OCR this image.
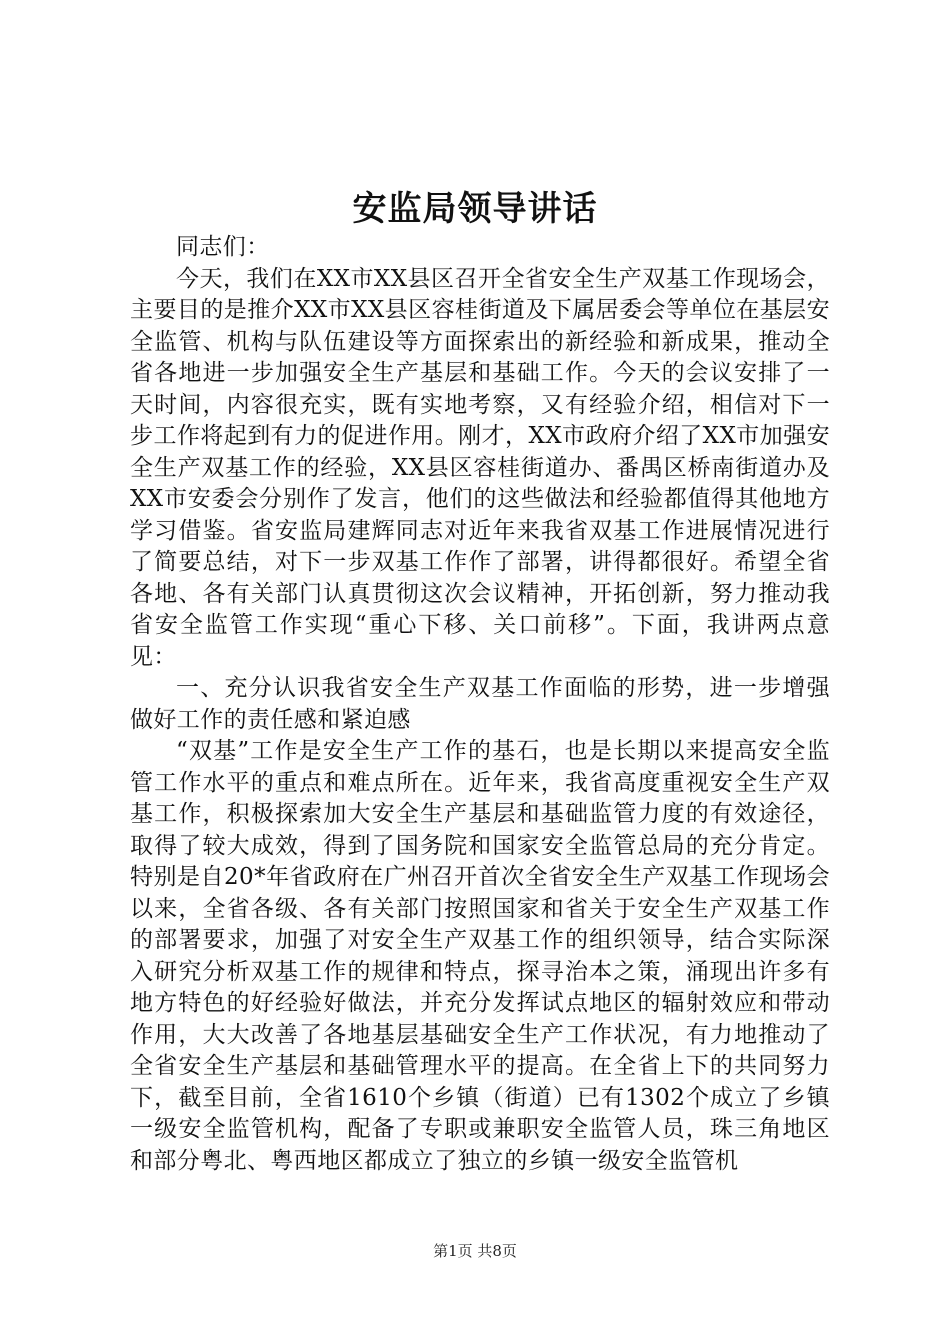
安监局领导讲话

同志们：

今天，我们在XX市XX县区召开全省安全生产双基工作现场会，主要目的是推介XX市XX县区容桂街道及下属居委会等单位在基层安全监管、机构与队伍建设等方面探索出的新经验和新成果，推动全省各地进一步加强安全生产基层和基础工作。今天的会议安排了一天时间，内容很充实，既有实地考察，又有经验介绍，相信对下一步工作将起到有力的促进作用。刚才，XX市政府介绍了XX市加强安全生产双基工作的经验，XX县区容桂街道办、番禺区桥南街道办及XX市安委会分别作了发言，他们的这些做法和经验都值得其他地方学习借鉴。省安监局建辉同志对近年来我省双基工作进展情况进行了简要总结，对下一步双基工作作了部署，讲得都很好。希望全省各地、各有关部门认真贯彻这次会议精神，开拓创新，努力推动我省安全监管工作实现“重心下移、关口前移”。下面，我讲两点意见：

一、充分认识我省安全生产双基工作面临的形势，进一步增强做好工作的责任感和紧迫感

“双基”工作是安全生产工作的基石，也是长期以来提高安全监管工作水平的重点和难点所在。近年来，我省高度重视安全生产双基工作，积极探索加大安全生产基层和基础监管力度的有效途径，取得了较大成效，得到了国务院和国家安全监管总局的充分肯定。特别是自20*年省政府在广州召开首次全省安全生产双基工作现场会以来，全省各级、各有关部门按照国家和省关于安全生产双基工作的部署要求，加强了对安全生产双基工作的组织领导，结合实际深入研究分析双基工作的规律和特点，探寻治本之策，涌现出许多有地方特色的好经验好做法，并充分发挥试点地区的辐射效应和带动作用，大大改善了各地基层基础安全生产工作状况，有力地推动了全省安全生产基层和基础管理水平的提高。在全省上下的共同努力下，截至目前，全省1610个乡镇（街道）已有1302个成立了乡镇一级安全监管机构，配备了专职或兼职安全监管人员，珠三角地区和部分粤北、粤西地区都成立了独立的乡镇一级安全监管机

第1页 共8页
